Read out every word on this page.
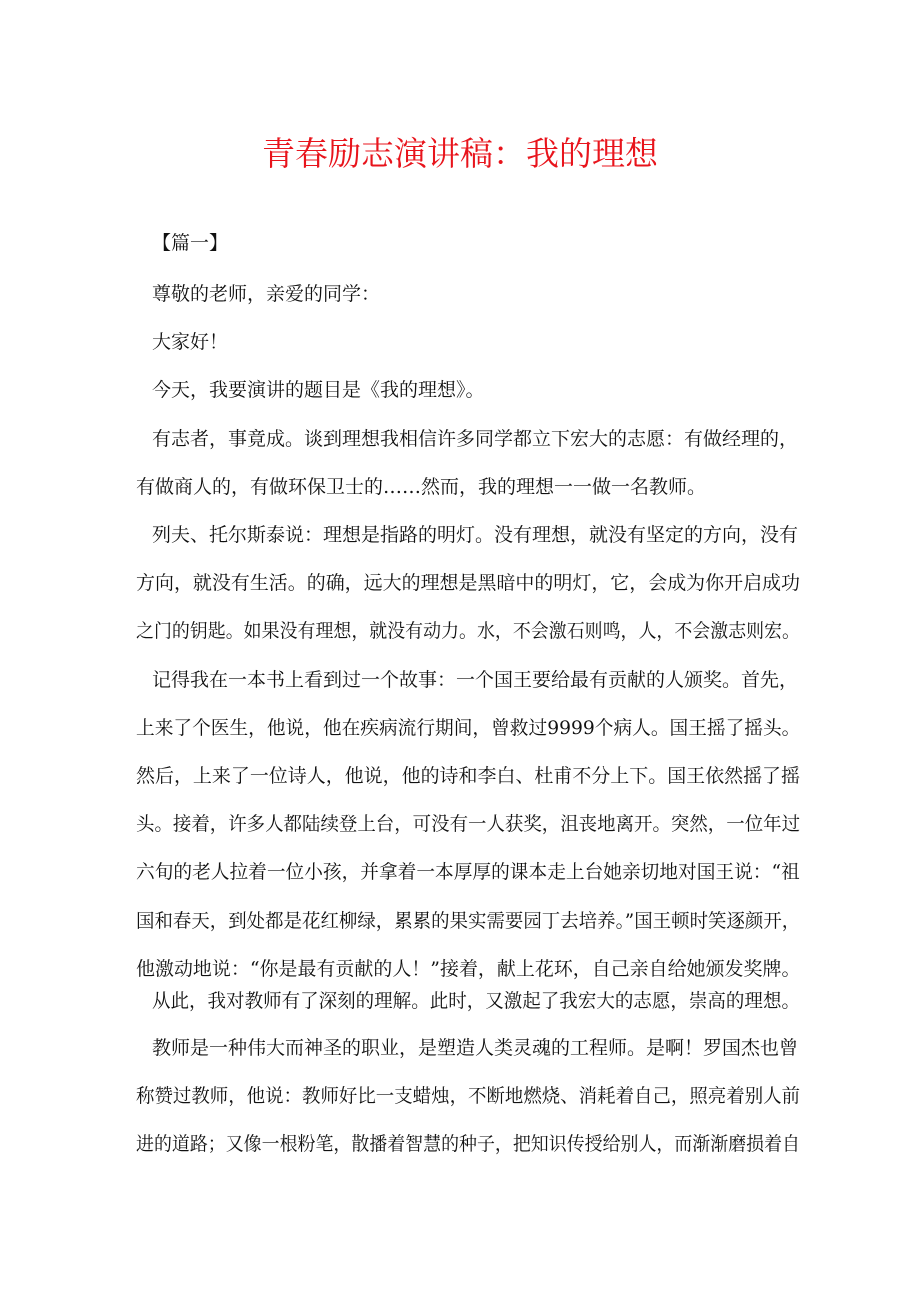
青春励志演讲稿：我的理想

【篇一】

尊敬的老师，亲爱的同学：

大家好！

今天，我要演讲的题目是《我的理想》。

有志者，事竟成。谈到理想我相信许多同学都立下宏大的志愿：有做经理的，

有做商人的，有做环保卫士的……然而，我的理想一一做一名教师。

列夫、托尔斯泰说：理想是指路的明灯。没有理想，就没有坚定的方向，没有

方向，就没有生活。的确，远大的理想是黑暗中的明灯，它，会成为你开启成功

之门的钥匙。如果没有理想，就没有动力。水，不会激石则鸣，人，不会激志则宏。

记得我在一本书上看到过一个故事：一个国王要给最有贡献的人颁奖。首先，

上来了个医生，他说，他在疾病流行期间，曾救过9999个病人。国王摇了摇头。

然后，上来了一位诗人，他说，他的诗和李白、杜甫不分上下。国王依然摇了摇

头。接着，许多人都陆续登上台，可没有一人获奖，沮丧地离开。突然，一位年过

六旬的老人拉着一位小孩，并拿着一本厚厚的课本走上台她亲切地对国王说：“祖

国和春天，到处都是花红柳绿，累累的果实需要园丁去培养。”国王顿时笑逐颜开，

他激动地说：“你是最有贡献的人！”接着，献上花环，自己亲自给她颁发奖牌。

从此，我对教师有了深刻的理解。此时，又激起了我宏大的志愿，崇高的理想。

教师是一种伟大而神圣的职业，是塑造人类灵魂的工程师。是啊！罗国杰也曾

称赞过教师，他说：教师好比一支蜡烛，不断地燃烧、消耗着自己，照亮着别人前

进的道路；又像一根粉笔，散播着智慧的种子，把知识传授给别人，而渐渐磨损着自
